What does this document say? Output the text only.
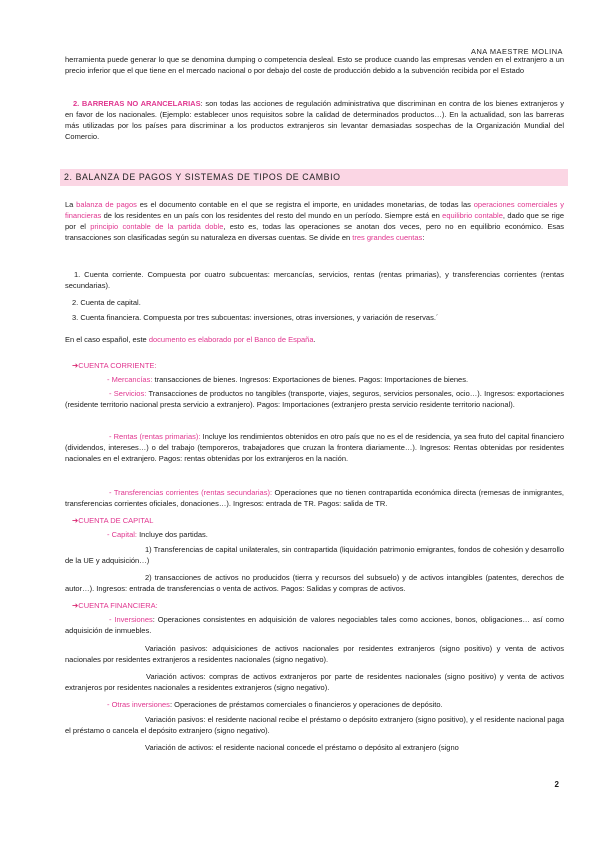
ANA MAESTRE MOLINA
herramienta puede generar lo que se denomina dumping o competencia desleal. Esto se produce cuando las empresas venden en el extranjero a un precio inferior que el que tiene en el mercado nacional o por debajo del coste de producción debido a la subvención recibida por el Estado
2. BARRERAS NO ARANCELARIAS: son todas las acciones de regulación administrativa que discriminan en contra de los bienes extranjeros y en favor de los nacionales. (Ejemplo: establecer unos requisitos sobre la calidad de determinados productos…). En la actualidad, son las barreras más utilizadas por los países para discriminar a los productos extranjeros sin levantar demasiadas sospechas de la Organización Mundial del Comercio.
2. BALANZA DE PAGOS Y SISTEMAS DE TIPOS DE CAMBIO
La balanza de pagos es el documento contable en el que se registra el importe, en unidades monetarias, de todas las operaciones comerciales y financieras de los residentes en un país con los residentes del resto del mundo en un período. Siempre está en equilibrio contable, dado que se rige por el principio contable de la partida doble, esto es, todas las operaciones se anotan dos veces, pero no en equilibrio económico. Esas transacciones son clasificadas según su naturaleza en diversas cuentas. Se divide en tres grandes cuentas:
1. Cuenta corriente. Compuesta por cuatro subcuentas: mercancías, servicios, rentas (rentas primarias), y transferencias corrientes (rentas secundarias).
2. Cuenta de capital.
3. Cuenta financiera. Compuesta por tres subcuentas: inversiones, otras inversiones, y variación de reservas.´
En el caso español, este documento es elaborado por el Banco de España.
➔CUENTA CORRIENTE:
- Mercancías: transacciones de bienes. Ingresos: Exportaciones de bienes. Pagos: Importaciones de bienes.
- Servicios: Transacciones de productos no tangibles (transporte, viajes, seguros, servicios personales, ocio…). Ingresos: exportaciones (residente territorio nacional presta servicio a extranjero). Pagos: Importaciones (extranjero presta servicio residente territorio nacional).
- Rentas (rentas primarias): Incluye los rendimientos obtenidos en otro país que no es el de residencia, ya sea fruto del capital financiero (dividendos, intereses…) o del trabajo (temporeros, trabajadores que cruzan la frontera diariamente…). Ingresos: Rentas obtenidas por residentes nacionales en el extranjero. Pagos: rentas obtenidas por los extranjeros en la nación.
- Transferencias corrientes (rentas secundarias): Operaciones que no tienen contrapartida económica directa (remesas de inmigrantes, transferencias corrientes oficiales, donaciones…). Ingresos: entrada de TR. Pagos: salida de TR.
➔CUENTA DE CAPITAL
- Capital: Incluye dos partidas.
1) Transferencias de capital unilaterales, sin contrapartida (liquidación patrimonio emigrantes, fondos de cohesión y desarrollo de la UE y adquisición…)
2) transacciones de activos no producidos (tierra y recursos del subsuelo) y de activos intangibles (patentes, derechos de autor…). Ingresos: entrada de transferencias o venta de activos. Pagos: Salidas y compras de activos.
➔CUENTA FINANCIERA:
- Inversiones: Operaciones consistentes en adquisición de valores negociables tales como acciones, bonos, obligaciones… así como adquisición de inmuebles.
Variación pasivos: adquisiciones de activos nacionales por residentes extranjeros (signo positivo) y venta de activos nacionales por residentes extranjeros a residentes nacionales (signo negativo).
Variación activos: compras de activos extranjeros por parte de residentes nacionales (signo positivo) y venta de activos extranjeros por residentes nacionales a residentes extranjeros (signo negativo).
- Otras inversiones: Operaciones de préstamos comerciales o financieros y operaciones de depósito.
Variación pasivos: el residente nacional recibe el préstamo o depósito extranjero (signo positivo), y el residente nacional paga el préstamo o cancela el depósito extranjero (signo negativo).
Variación de activos: el residente nacional concede el préstamo o depósito al extranjero (signo
2
